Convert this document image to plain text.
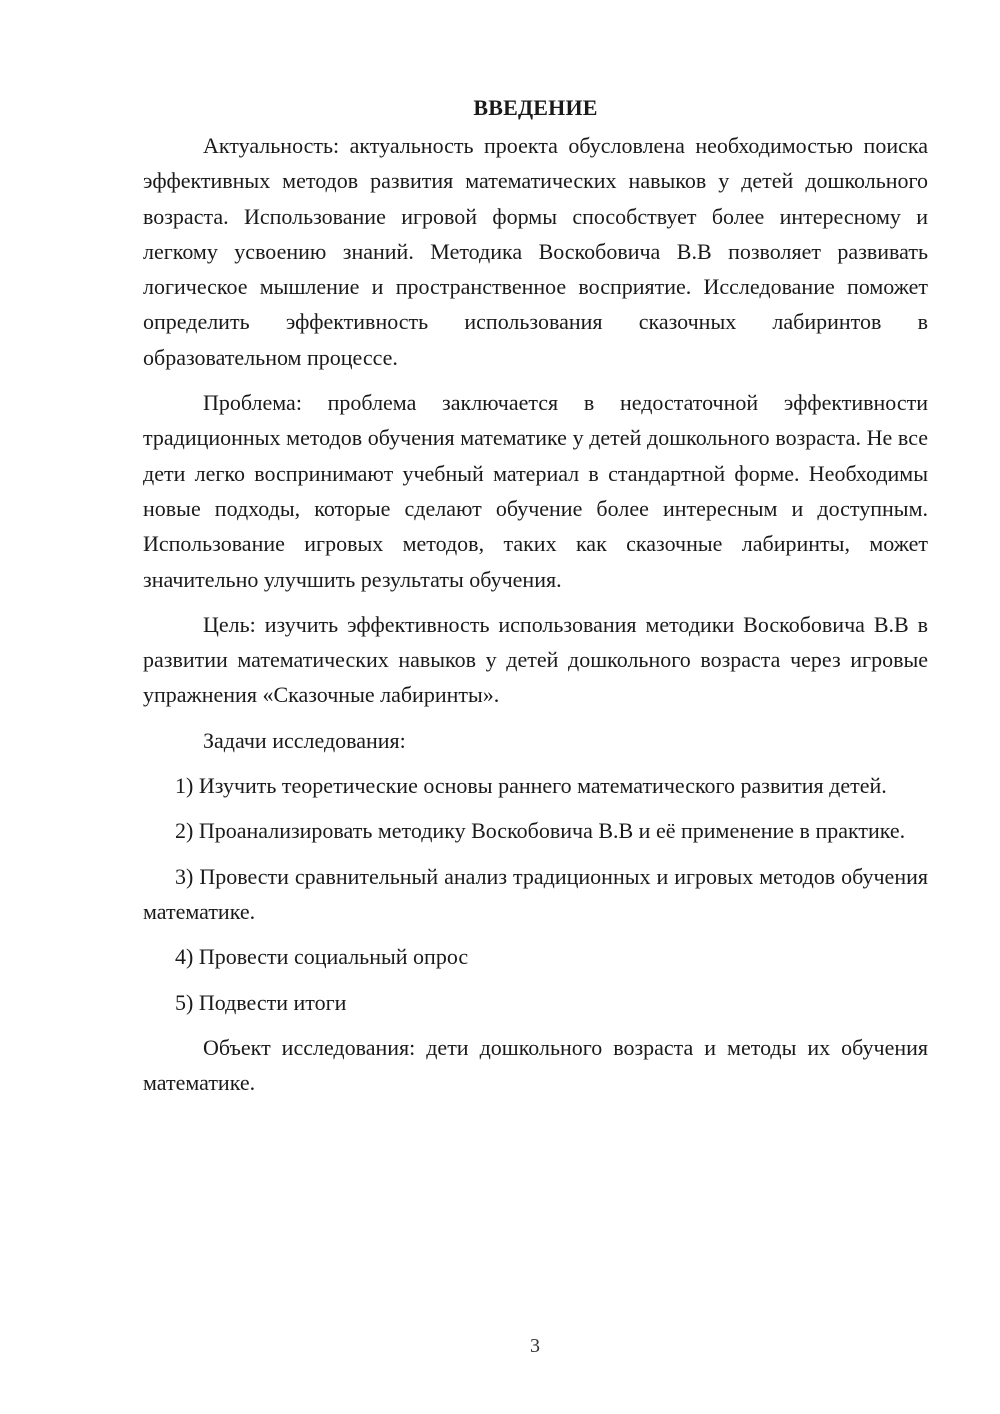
ВВЕДЕНИЕ

Актуальность: актуальность проекта обусловлена необходимостью поиска эффективных методов развития математических навыков у детей дошкольного возраста. Использование игровой формы способствует более интересному и легкому усвоению знаний. Методика Воскобовича В.В позволяет развивать логическое мышление и пространственное восприятие. Исследование поможет определить эффективность использования сказочных лабиринтов в образовательном процессе.

Проблема: проблема заключается в недостаточной эффективности традиционных методов обучения математике у детей дошкольного возраста. Не все дети легко воспринимают учебный материал в стандартной форме. Необходимы новые подходы, которые сделают обучение более интересным и доступным. Использование игровых методов, таких как сказочные лабиринты, может значительно улучшить результаты обучения.

Цель: изучить эффективность использования методики Воскобовича В.В в развитии математических навыков у детей дошкольного возраста через игровые упражнения «Сказочные лабиринты».

Задачи исследования:

1) Изучить теоретические основы раннего математического развития детей.

2) Проанализировать методику Воскобовича В.В и её применение в практике.

3) Провести сравнительный анализ традиционных и игровых методов обучения математике.

4) Провести социальный опрос

5) Подвести итоги

Объект исследования: дети дошкольного возраста и методы их обучения математике.

3
